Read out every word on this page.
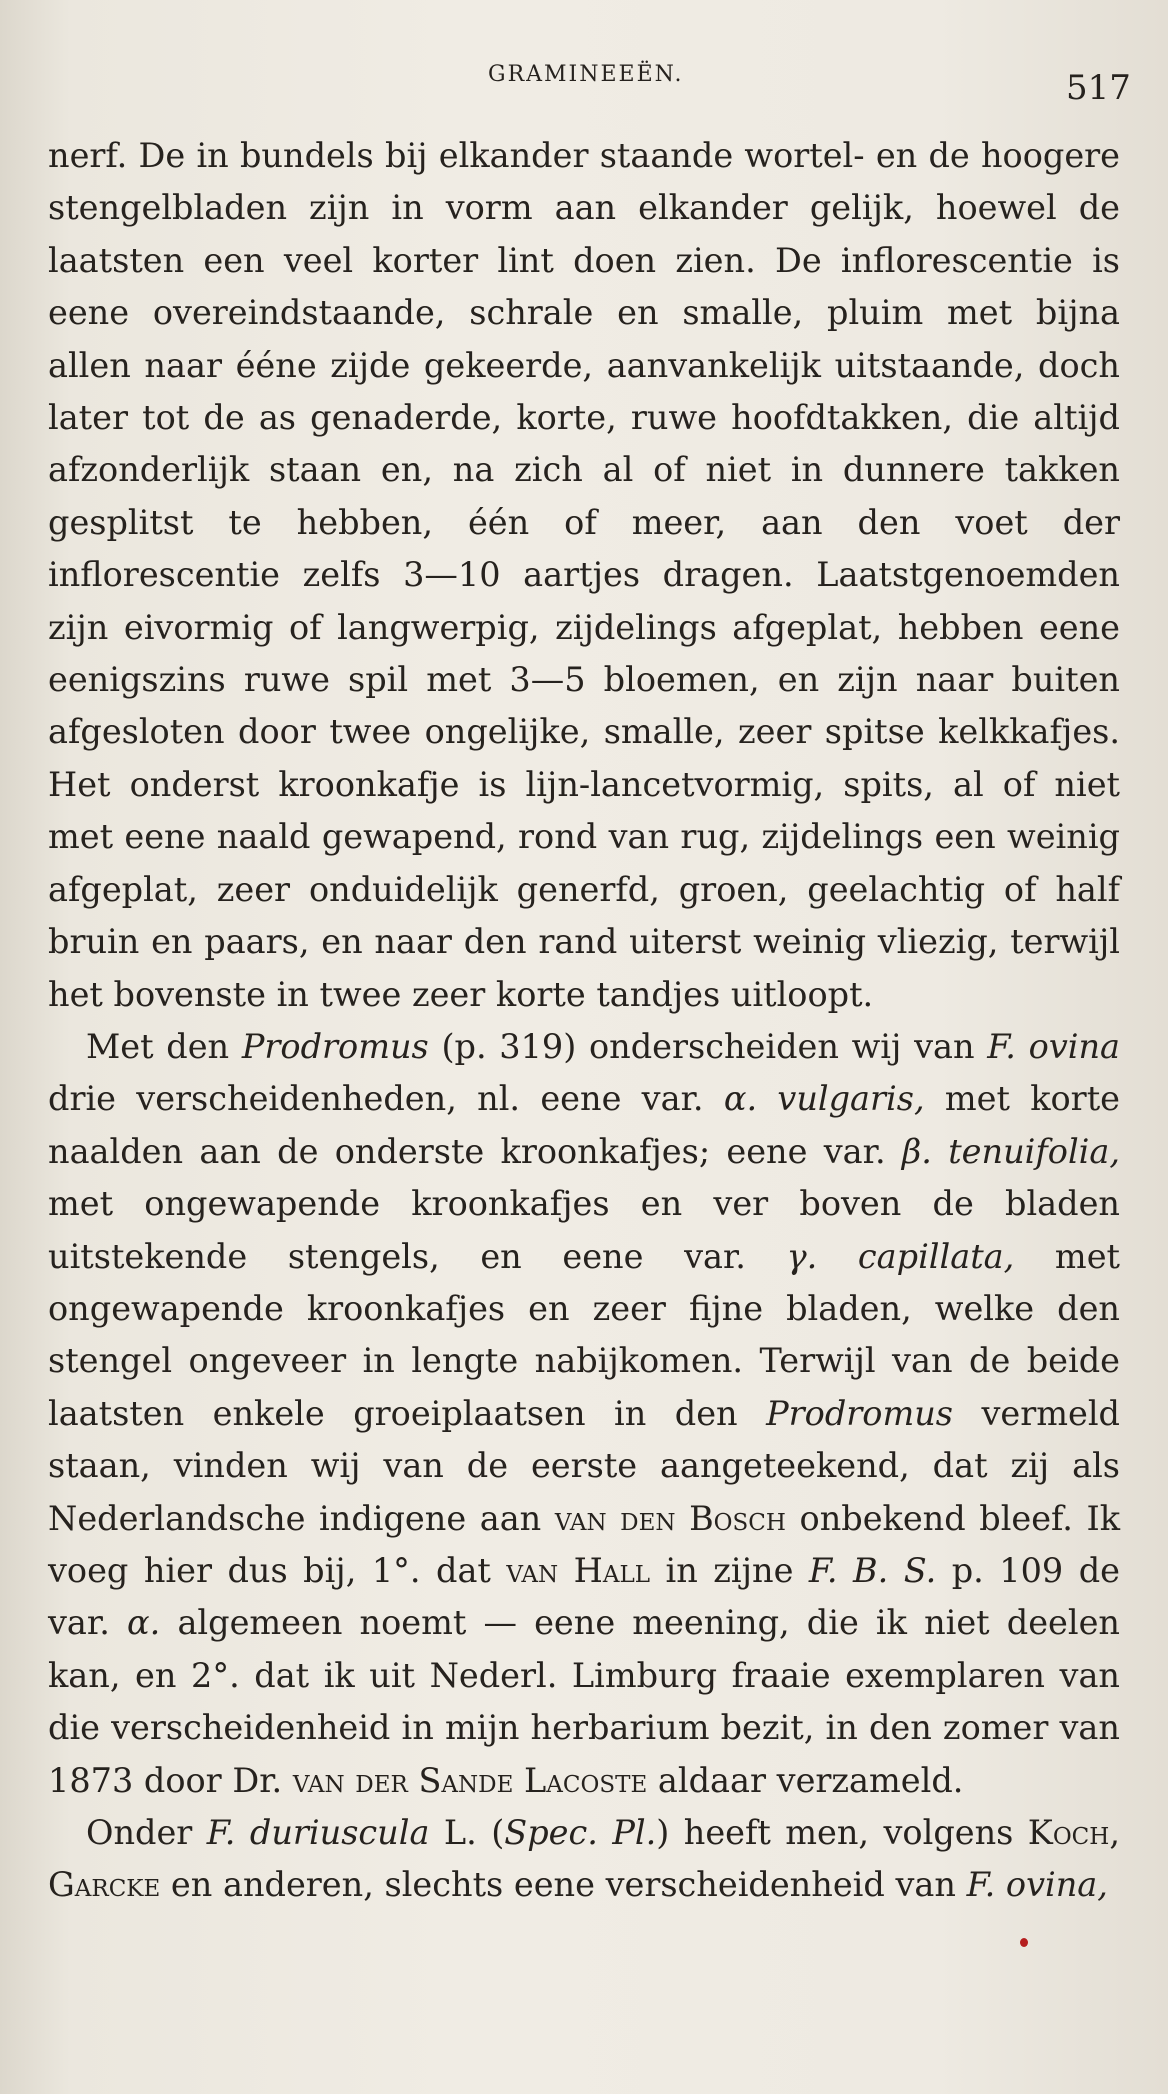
GRAMINEEËN.	517

nerf. De in bundels bij elkander staande wortel- en de hoogere stengelbladen zijn in vorm aan elkander gelijk, hoewel de laatsten een veel korter lint doen zien. De inflorescentie is eene overeindstaande, schrale en smalle, pluim met bijna allen naar ééne zijde gekeerde, aanvankelijk uitstaande, doch later tot de as genaderde, korte, ruwe hoofdtakken, die altijd afzonderlijk staan en, na zich al of niet in dunnere takken gesplitst te hebben, één of meer, aan den voet der inflorescentie zelfs 3—10 aartjes dragen. Laatstgenoemden zijn eivormig of langwerpig, zijdelings afgeplat, hebben eene eenigszins ruwe spil met 3—5 bloemen, en zijn naar buiten afgesloten door twee ongelijke, smalle, zeer spitse kelkkafjes. Het onderst kroonkafje is lijn-lancetvormig, spits, al of niet met eene naald gewapend, rond van rug, zijdelings een weinig afgeplat, zeer onduidelijk generfd, groen, geelachtig of half bruin en paars, en naar den rand uiterst weinig vliezig, terwijl het bovenste in twee zeer korte tandjes uitloopt.

Met den Prodromus (p. 319) onderscheiden wij van F. ovina drie verscheidenheden, nl. eene var. α. vulgaris, met korte naalden aan de onderste kroonkafjes; eene var. β. tenuifolia, met ongewapende kroonkafjes en ver boven de bladen uitstekende stengels, en eene var. γ. capillata, met ongewapende kroonkafjes en zeer fijne bladen, welke den stengel ongeveer in lengte nabijkomen. Terwijl van de beide laatsten enkele groeiplaatsen in den Prodromus vermeld staan, vinden wij van de eerste aangeteekend, dat zij als Nederlandsche indigene aan van den Bosch onbekend bleef. Ik voeg hier dus bij, 1°. dat van Hall in zijne F. B. S. p. 109 de var. α. algemeen noemt — eene meening, die ik niet deelen kan, en 2°. dat ik uit Nederl. Limburg fraaie exemplaren van die verscheidenheid in mijn herbarium bezit, in den zomer van 1873 door Dr. van der Sande Lacoste aldaar verzameld.

Onder F. duriuscula L. (Spec. Pl.) heeft men, volgens Koch, Garcke en anderen, slechts eene verscheidenheid van F. ovina,
